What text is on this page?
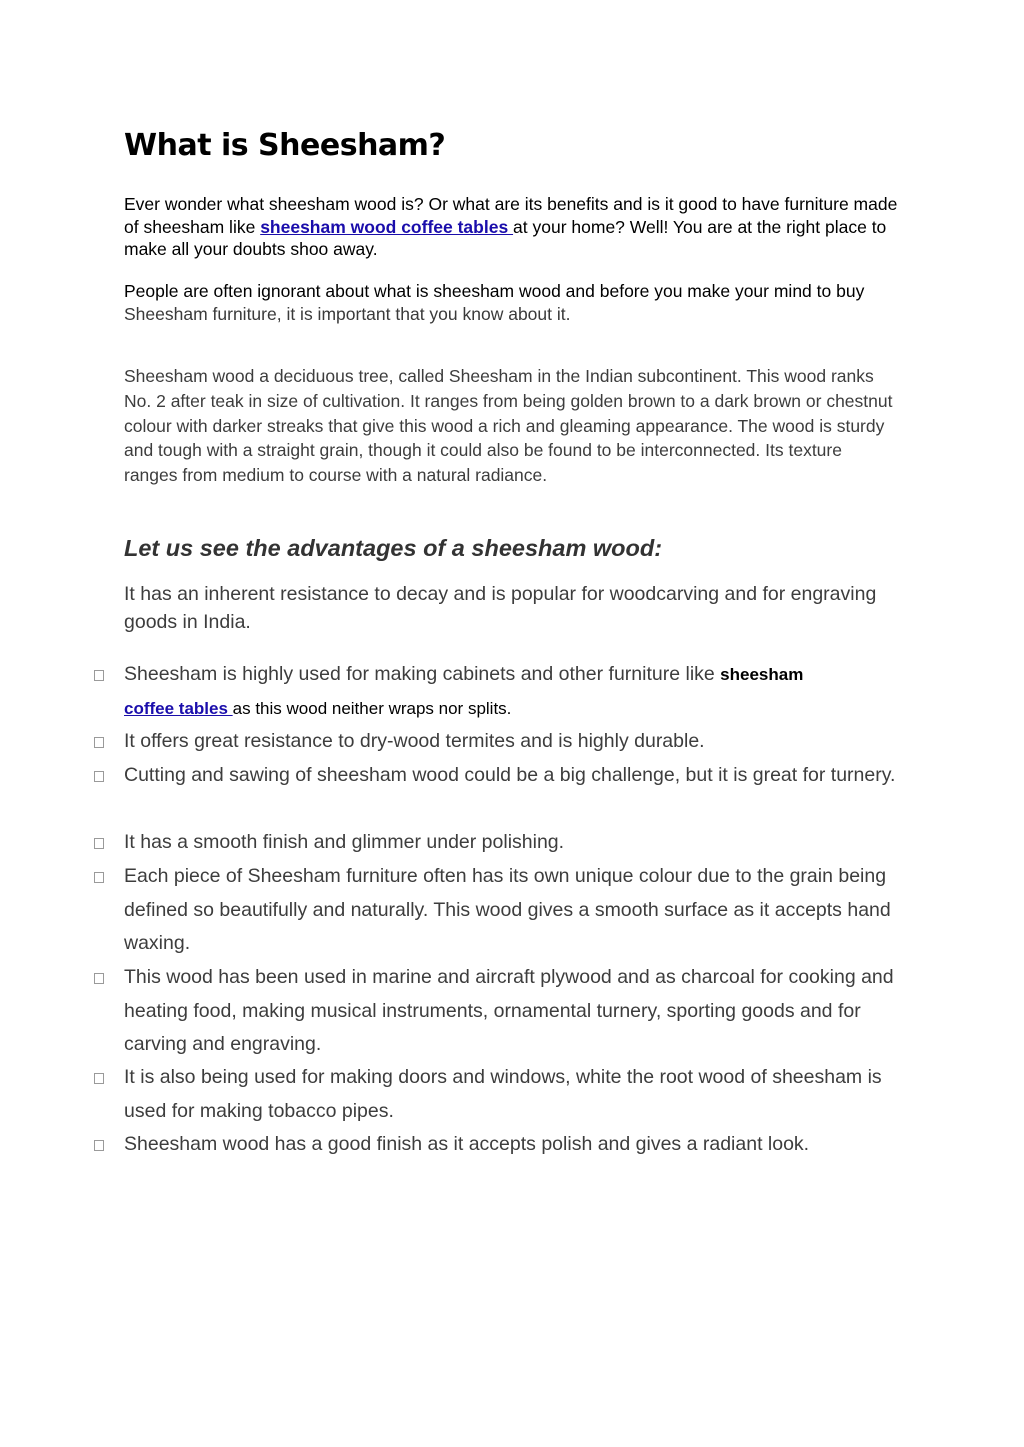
What is Sheesham?

Ever wonder what sheesham wood is? Or what are its benefits and is it good to have furniture made of sheesham like sheesham wood coffee tables at your home? Well! You are at the right place to make all your doubts shoo away.

People are often ignorant about what is sheesham wood and before you make your mind to buy Sheesham furniture, it is important that you know about it.

Sheesham wood a deciduous tree, called Sheesham in the Indian subcontinent. This wood ranks No. 2 after teak in size of cultivation. It ranges from being golden brown to a dark brown or chestnut colour with darker streaks that give this wood a rich and gleaming appearance. The wood is sturdy and tough with a straight grain, though it could also be found to be interconnected. Its texture ranges from medium to course with a natural radiance.

Let us see the advantages of a sheesham wood:

It has an inherent resistance to decay and is popular for woodcarving and for engraving goods in India.

Sheesham is highly used for making cabinets and other furniture like sheesham
coffee tables as this wood neither wraps nor splits.

It offers great resistance to dry-wood termites and is highly durable.

Cutting and sawing of sheesham wood could be a big challenge, but it is great for turnery.

It has a smooth finish and glimmer under polishing.

Each piece of Sheesham furniture often has its own unique colour due to the grain being defined so beautifully and naturally. This wood gives a smooth surface as it accepts hand waxing.

This wood has been used in marine and aircraft plywood and as charcoal for cooking and heating food, making musical instruments, ornamental turnery, sporting goods and for carving and engraving.

It is also being used for making doors and windows, white the root wood of sheesham is used for making tobacco pipes.

Sheesham wood has a good finish as it accepts polish and gives a radiant look.
